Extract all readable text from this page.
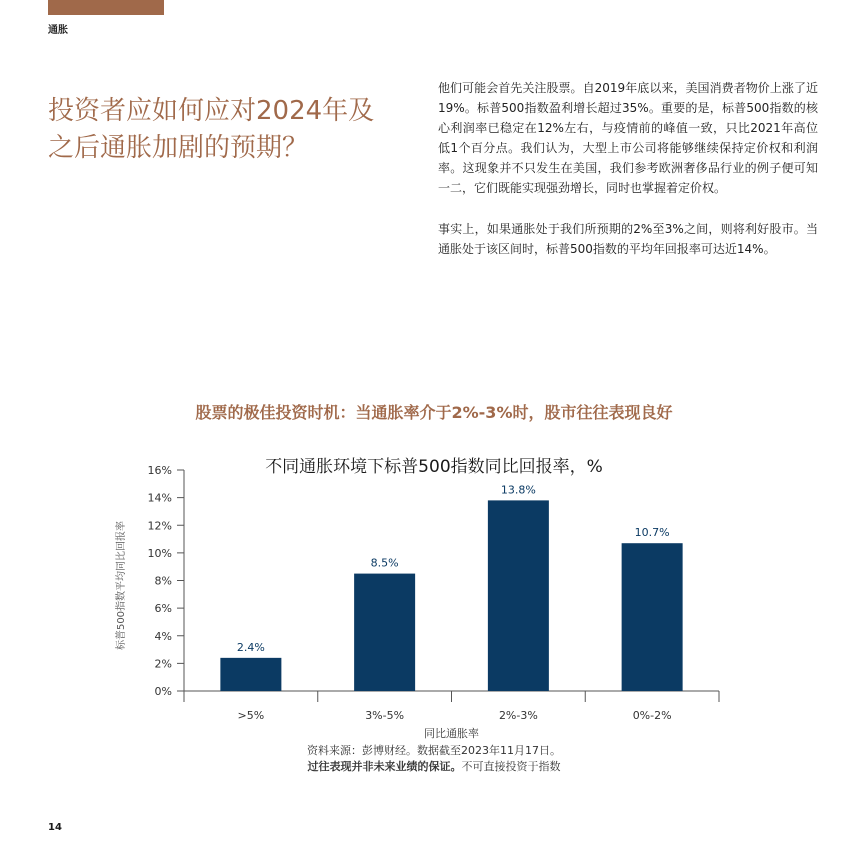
通胀
投资者应如何应对2024年及之后通胀加剧的预期？

他们可能会首先关注股票。自2019年底以来，美国消费者物价上涨了近19%。标普500指数盈利增长超过35%。重要的是，标普500指数的核心利润率已稳定在12%左右，与疫情前的峰值一致，只比2021年高位低1个百分点。我们认为，大型上市公司将能够继续保持定价权和利润率。这现象并不只发生在美国，我们参考欧洲奢侈品行业的例子便可知一二，它们既能实现强劲增长，同时也掌握着定价权。

事实上，如果通胀处于我们所预期的2%至3%之间，则将利好股市。当通胀处于该区间时，标普500指数的平均年回报率可达近14%。

股票的极佳投资时机：当通胀率介于2%-3%时，股市往往表现良好
不同通胀环境下标普500指数同比回报率，%
0%
2%
4%
6%
8%
10%
12%
14%
16%
2.4%
>5%
8.5%
3%-5%
13.8%
2%-3%
10.7%
0%-2%
同比通胀率
标普500指数平均同比回报率
资料来源：彭博财经。数据截至2023年11月17日。
过往表现并非未来业绩的保证。不可直接投资于指数
14
